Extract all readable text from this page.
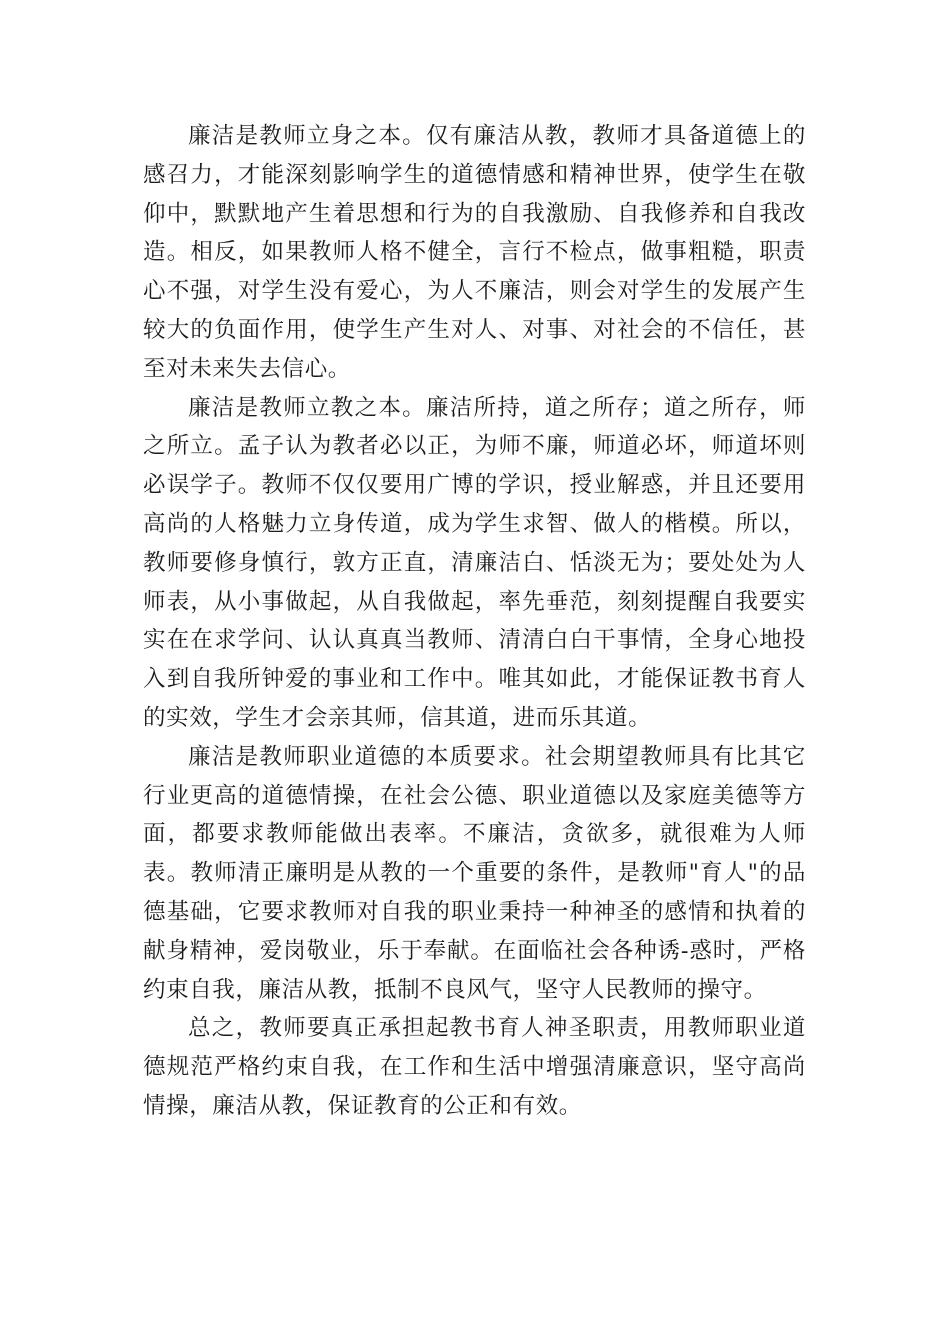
廉洁是教师立身之本。仅有廉洁从教，教师才具备道德上的感召力，才能深刻影响学生的道德情感和精神世界，使学生在敬仰中，默默地产生着思想和行为的自我激励、自我修养和自我改造。相反，如果教师人格不健全，言行不检点，做事粗糙，职责心不强，对学生没有爱心，为人不廉洁，则会对学生的发展产生较大的负面作用，使学生产生对人、对事、对社会的不信任，甚至对未来失去信心。

廉洁是教师立教之本。廉洁所持，道之所存；道之所存，师之所立。孟子认为教者必以正，为师不廉，师道必坏，师道坏则必误学子。教师不仅仅要用广博的学识，授业解惑，并且还要用高尚的人格魅力立身传道，成为学生求智、做人的楷模。所以，教师要修身慎行，敦方正直，清廉洁白、恬淡无为；要处处为人师表，从小事做起，从自我做起，率先垂范，刻刻提醒自我要实实在在求学问、认认真真当教师、清清白白干事情，全身心地投入到自我所钟爱的事业和工作中。唯其如此，才能保证教书育人的实效，学生才会亲其师，信其道，进而乐其道。

廉洁是教师职业道德的本质要求。社会期望教师具有比其它行业更高的道德情操，在社会公德、职业道德以及家庭美德等方面，都要求教师能做出表率。不廉洁，贪欲多，就很难为人师表。教师清正廉明是从教的一个重要的条件，是教师"育人"的品德基础，它要求教师对自我的职业秉持一种神圣的感情和执着的献身精神，爱岗敬业，乐于奉献。在面临社会各种诱-惑时，严格约束自我，廉洁从教，抵制不良风气，坚守人民教师的操守。

总之，教师要真正承担起教书育人神圣职责，用教师职业道德规范严格约束自我，在工作和生活中增强清廉意识，坚守高尚情操，廉洁从教，保证教育的公正和有效。
